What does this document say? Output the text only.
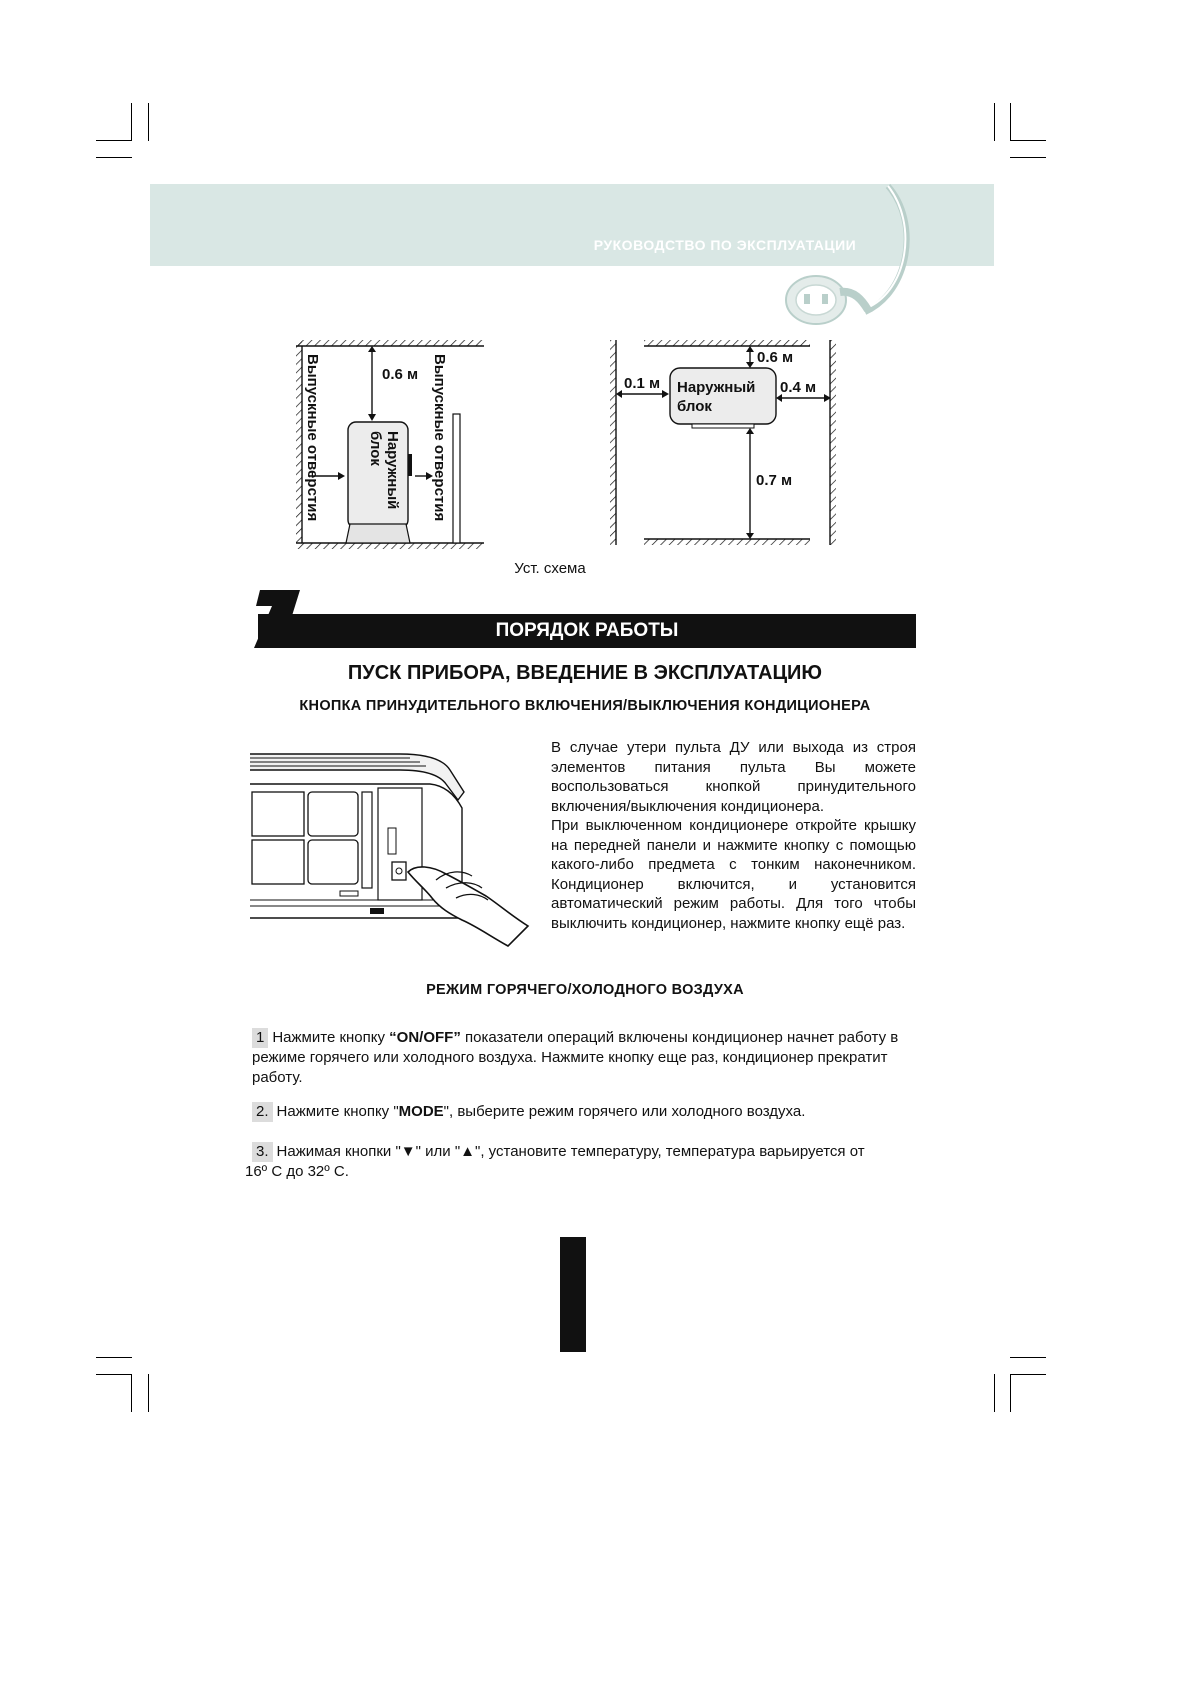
РУКОВОДСТВО ПО ЭКСПЛУАТАЦИИ
0.6 м
Выпускные отверстия	Выпускные отверстия
Наружный
блок
Наружный
блок
0.6 м
0.1 м	0.4 м
0.7 м
Уст. схема
7
ПОРЯДОК РАБОТЫ
ПУСК ПРИБОРА, ВВЕДЕНИЕ В ЭКСПЛУАТАЦИЮ
КНОПКА ПРИНУДИТЕЛЬНОГО ВКЛЮЧЕНИЯ/ВЫКЛЮЧЕНИЯ КОНДИЦИОНЕРА

В случае утери пульта ДУ или выхода из строя элементов питания пульта Вы можете воспользоваться кнопкой принудительного включения/выключения кондиционера.

При выключенном кондиционере откройте крышку на передней панели и нажмите кнопку с помощью какого-либо предмета с тонким наконечником. Кондиционер включится, и установится автоматический режим работы. Для того чтобы выключить кондиционер, нажмите кнопку ещё раз.

РЕЖИМ ГОРЯЧЕГО/ХОЛОДНОГО ВОЗДУХА
1 Нажмите кнопку “ON/OFF” показатели операций включены кондиционер начнет работу в режиме горячего или холодного воздуха. Нажмите кнопку еще раз, кондиционер прекратит работу.
2. Нажмите кнопку "MODE", выберите режим горячего или холодного воздуха.
3. Нажимая кнопки "▼" или "▲", установите температуру, температура варьируется от
16º С до 32º С.
